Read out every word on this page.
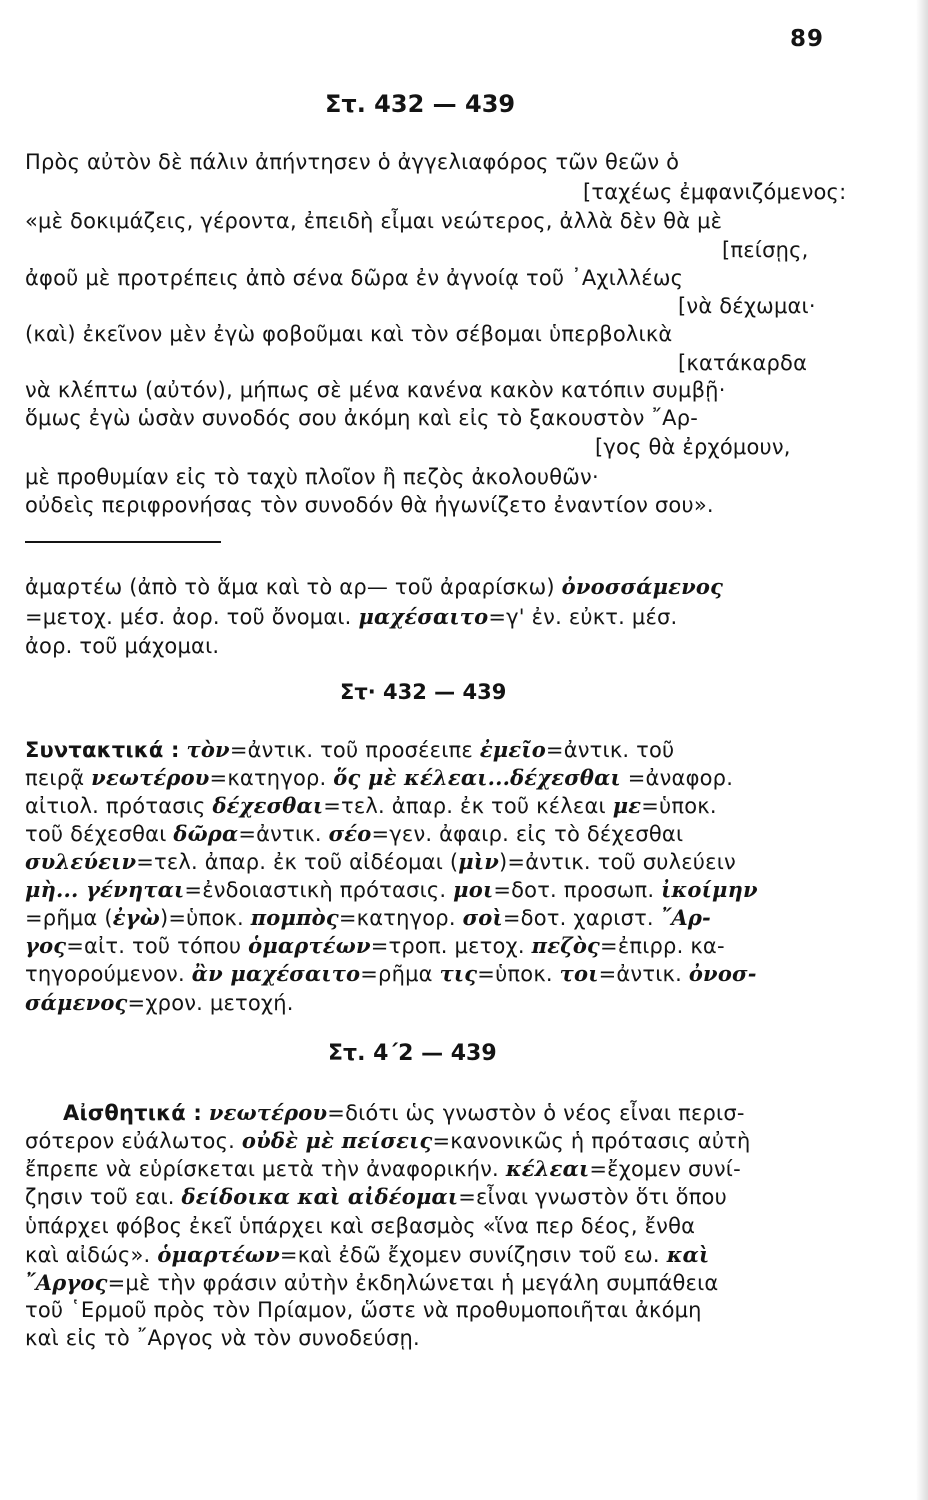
89
Στ. 432 — 439
Πρὸς αὐτὸν δὲ πάλιν ἀπήντησεν ὁ ἀγγελιαφόρος τῶν θεῶν ὁ
[ταχέως ἐμφανιζόμενος:
«μὲ δοκιμάζεις, γέροντα, ἐπειδὴ εἶμαι νεώτερος, ἀλλὰ δὲν θὰ μὲ
[πείσῃς,
ἀφοῦ μὲ προτρέπεις ἀπὸ σένα δῶρα ἐν ἀγνοίᾳ τοῦ ᾿Αχιλλέως
[νὰ δέχωμαι·
(καὶ) ἐκεῖνον μὲν ἐγὼ φοβοῦμαι καὶ τὸν σέβομαι ὑπερβολικὰ
[κατάκαρδα
νὰ κλέπτω (αὐτόν), μήπως σὲ μένα κανένα κακὸν κατόπιν συμβῇ·
ὅμως ἐγὼ ὡσὰν συνοδός σου ἀκόμη καὶ εἰς τὸ ξακουστὸν ῎Αρ-
[γος θὰ ἐρχόμουν,
μὲ προθυμίαν εἰς τὸ ταχὺ πλοῖον ἢ πεζὸς ἀκολουθῶν·
οὐδεὶς περιφρονήσας τὸν συνοδόν θὰ ἠγωνίζετο ἐναντίον σου».
ἀμαρτέω (ἀπὸ τὸ ἅμα καὶ τὸ αρ— τοῦ ἀραρίσκω) ὀνοσσάμενος
=μετοχ. μέσ. ἀορ. τοῦ ὄνομαι. μαχέσαιτο=γ' ἐν. εὐκτ. μέσ.
ἀορ. τοῦ μάχομαι.
Στ· 432 — 439
Συντακτικά : τὸν=ἀντικ. τοῦ προσέειπε ἐμεῖο=ἀντικ. τοῦ
πειρᾷ νεωτέρου=κατηγορ. ὅς μὲ κέλεαι...δέχεσθαι =ἀναφορ.
αἰτιολ. πρότασις δέχεσθαι=τελ. ἀπαρ. ἐκ τοῦ κέλεαι με=ὑποκ.
τοῦ δέχεσθαι δῶρα=ἀντικ. σέο=γεν. ἀφαιρ. εἰς τὸ δέχεσθαι
συλεύειν=τελ. ἀπαρ. ἐκ τοῦ αἰδέομαι (μὶν)=ἀντικ. τοῦ συλεύειν
μὴ... γένηται=ἐνδοιαστικὴ πρότασις. μοι=δοτ. προσωπ. ἰκοίμην
=ρῆμα (ἐγὼ)=ὑποκ. πομπὸς=κατηγορ. σοὶ=δοτ. χαριστ. ῎Αρ-
γος=αἰτ. τοῦ τόπου ὁμαρτέων=τροπ. μετοχ. πεζὸς=ἐπιρρ. κα-
τηγορούμενον. ἂν μαχέσαιτο=ρῆμα τις=ὑποκ. τοι=ἀντικ. ὀνοσ-
σάμενος=χρον. μετοχή.
Στ. 4΄2 — 439
Αἰσθητικά : νεωτέρου=διότι ὡς γνωστὸν ὁ νέος εἶναι περισ-
σότερον εὐάλωτος. οὐδὲ μὲ πείσεις=κανονικῶς ἡ πρότασις αὐτὴ
ἔπρεπε νὰ εὑρίσκεται μετὰ τὴν ἀναφορικήν. κέλεαι=ἔχομεν συνί-
ζησιν τοῦ εαι. δείδοικα καὶ αἰδέομαι=εἶναι γνωστὸν ὅτι ὅπου
ὑπάρχει φόβος ἐκεῖ ὑπάρχει καὶ σεβασμὸς «ἵνα περ δέος, ἔνθα
καὶ αἰδώς». ὁμαρτέων=καὶ ἐδῶ ἔχομεν συνίζησιν τοῦ εω. καὶ
῎Αργος=μὲ τὴν φράσιν αὐτὴν ἐκδηλώνεται ἡ μεγάλη συμπάθεια
τοῦ ῾Ερμοῦ πρὸς τὸν Πρίαμον, ὥστε νὰ προθυμοποιῆται ἀκόμη
καὶ εἰς τὸ ῎Αργος νὰ τὸν συνοδεύσῃ.
